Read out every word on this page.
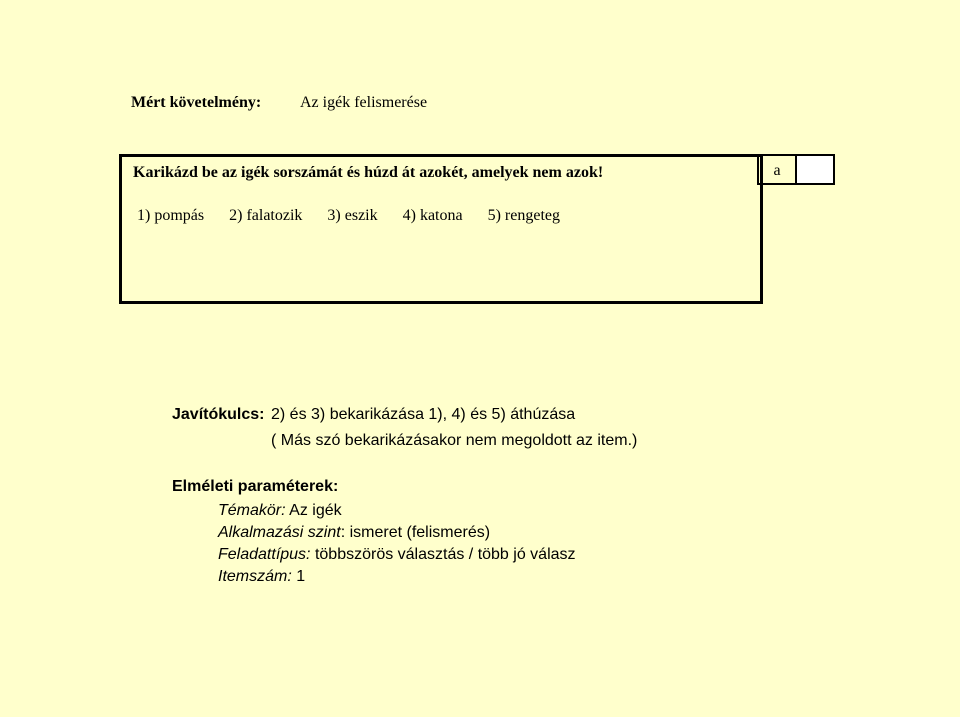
Mért követelmény: Az igék felismerése
Karikázd be az igék sorszámát és húzd át azokét, amelyek nem azok!
1) pompás 2) falatozik 3) eszik 4) katona 5) rengeteg
a
Javítókulcs: 2) és 3) bekarikázása 1), 4) és 5) áthúzása
( Más szó bekarikázásakor nem megoldott az item.)
Elméleti paraméterek:
Témakör: Az igék
Alkalmazási szint: ismeret (felismerés)
Feladattípus: többszörös választás / több jó válasz
Itemszám: 1
